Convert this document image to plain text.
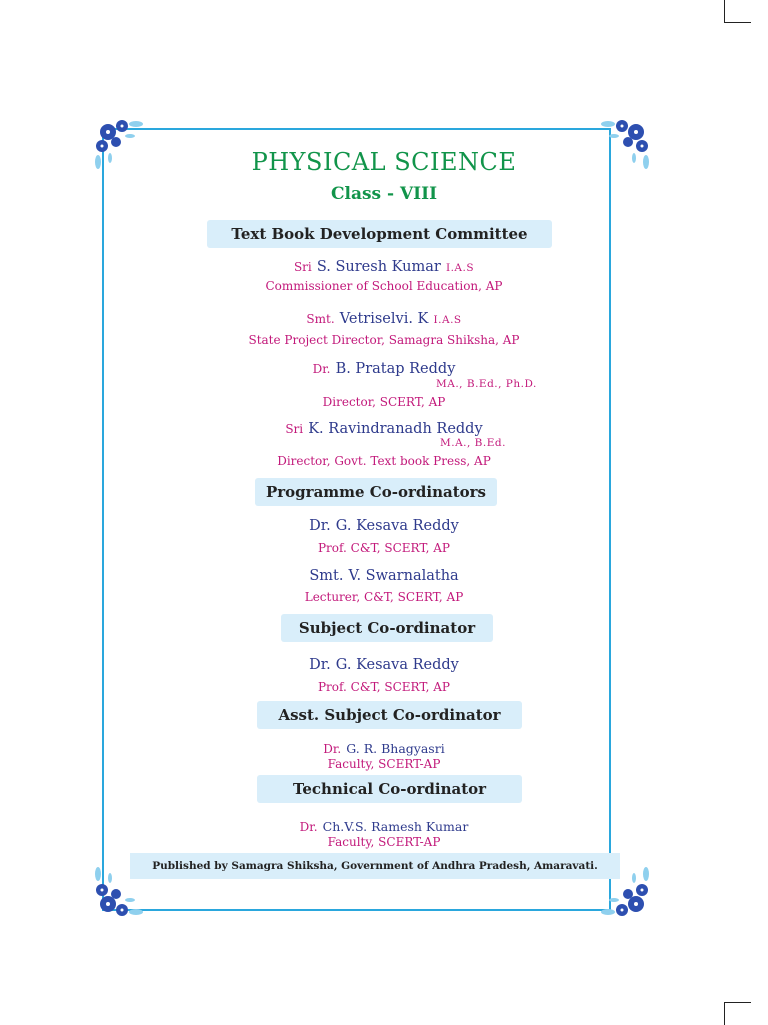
PHYSICAL SCIENCE
Class - VIII
Text Book Development Committee
Sri S. Suresh Kumar I.A.S
Commissioner of School Education, AP
Smt. Vetriselvi. K I.A.S
State Project Director, Samagra Shiksha, AP
Dr. B. Pratap Reddy
MA., B.Ed., Ph.D.
Director, SCERT, AP
Sri K. Ravindranadh Reddy
M.A., B.Ed.
Director, Govt. Text book Press, AP
Programme Co-ordinators
Dr. G. Kesava Reddy
Prof. C&T, SCERT, AP
Smt. V. Swarnalatha
Lecturer, C&T, SCERT, AP
Subject Co-ordinator
Dr. G. Kesava Reddy
Prof. C&T, SCERT, AP
Asst. Subject Co-ordinator
Dr. G. R. Bhagyasri
Faculty, SCERT-AP
Technical Co-ordinator
Dr. Ch.V.S. Ramesh Kumar
Faculty, SCERT-AP
Published by Samagra Shiksha, Government of Andhra Pradesh, Amaravati.
